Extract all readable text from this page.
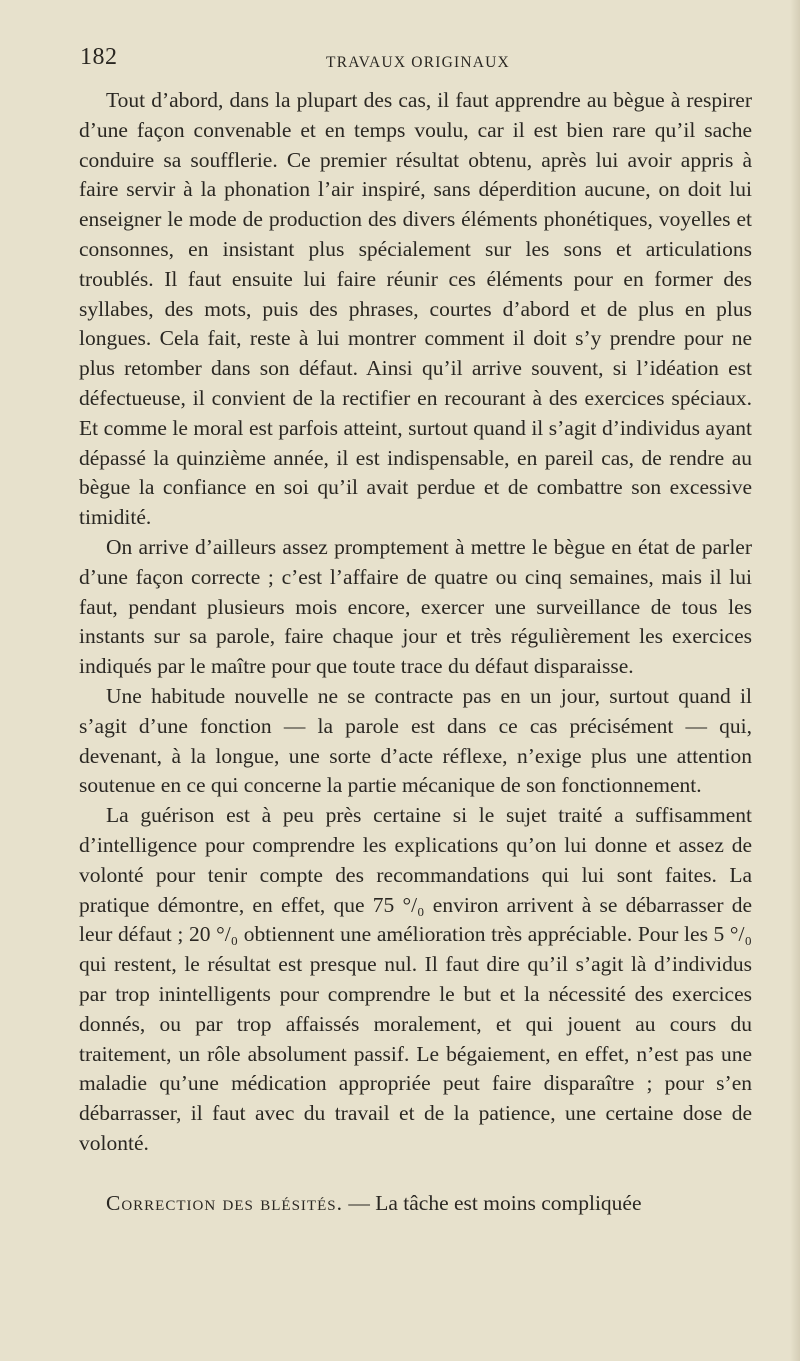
182	TRAVAUX ORIGINAUX

Tout d’abord, dans la plupart des cas, il faut apprendre au bègue à respirer d’une façon convenable et en temps voulu, car il est bien rare qu’il sache conduire sa soufflerie. Ce premier résultat obtenu, après lui avoir appris à faire servir à la phonation l’air inspiré, sans déperdition aucune, on doit lui enseigner le mode de production des divers éléments phonétiques, voyelles et consonnes, en insistant plus spécialement sur les sons et articulations troublés. Il faut ensuite lui faire réunir ces éléments pour en former des syllabes, des mots, puis des phrases, courtes d’abord et de plus en plus longues. Cela fait, reste à lui montrer comment il doit s’y prendre pour ne plus retomber dans son défaut. Ainsi qu’il arrive souvent, si l’idéation est défectueuse, il convient de la rectifier en recourant à des exercices spéciaux. Et comme le moral est parfois atteint, surtout quand il s’agit d’individus ayant dépassé la quinzième année, il est indispensable, en pareil cas, de rendre au bègue la confiance en soi qu’il avait perdue et de combattre son excessive timidité.

On arrive d’ailleurs assez promptement à mettre le bègue en état de parler d’une façon correcte ; c’est l’affaire de quatre ou cinq semaines, mais il lui faut, pendant plusieurs mois encore, exercer une surveillance de tous les instants sur sa parole, faire chaque jour et très régulièrement les exercices indiqués par le maître pour que toute trace du défaut disparaisse.

Une habitude nouvelle ne se contracte pas en un jour, surtout quand il s’agit d’une fonction — la parole est dans ce cas précisément — qui, devenant, à la longue, une sorte d’acte réflexe, n’exige plus une attention soutenue en ce qui concerne la partie mécanique de son fonctionnement.

La guérison est à peu près certaine si le sujet traité a suffisamment d’intelligence pour comprendre les explications qu’on lui donne et assez de volonté pour tenir compte des recommandations qui lui sont faites. La pratique démontre, en effet, que 75 °/₀ environ arrivent à se débarrasser de leur défaut ; 20 °/₀ obtiennent une amélioration très appréciable. Pour les 5 °/₀ qui restent, le résultat est presque nul. Il faut dire qu’il s’agit là d’individus par trop inintelligents pour comprendre le but et la nécessité des exercices donnés, ou par trop affaissés moralement, et qui jouent au cours du traitement, un rôle absolument passif. Le bégaiement, en effet, n’est pas une maladie qu’une médication appropriée peut faire disparaître ; pour s’en débarrasser, il faut avec du travail et de la patience, une certaine dose de volonté.

Correction des blésités. — La tâche est moins compliquée
